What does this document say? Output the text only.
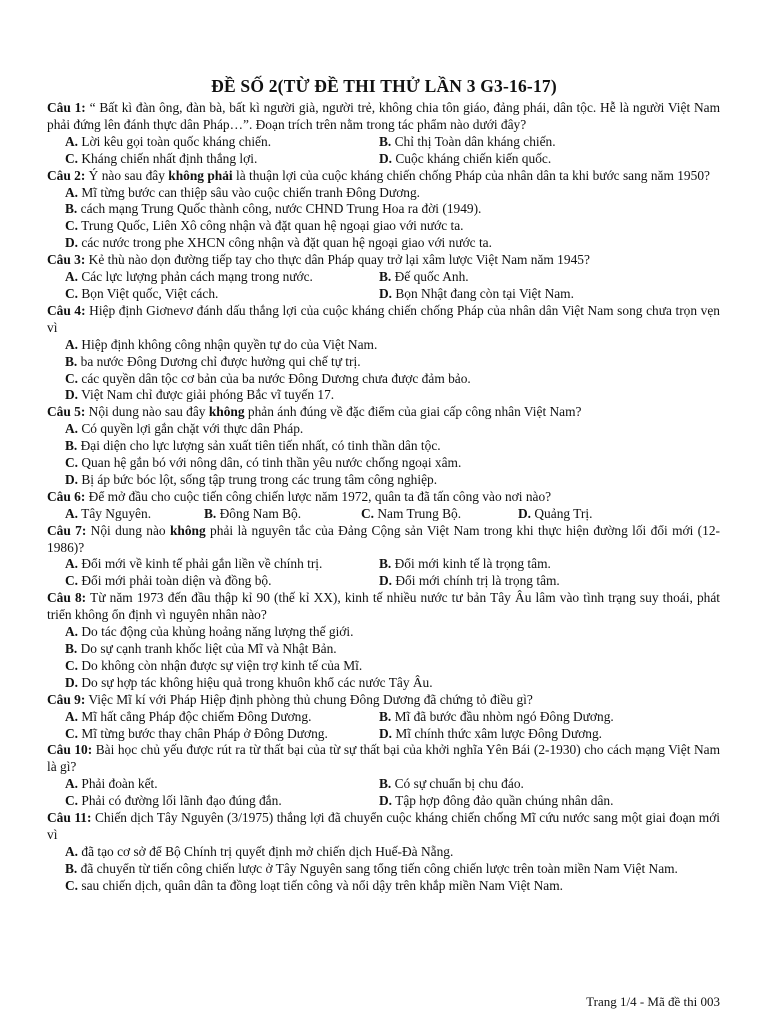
ĐỀ SỐ 2(TỪ ĐỀ THI THỬ LẦN 3 G3-16-17)
Câu 1: “ Bất kì đàn ông, đàn bà, bất kì người già, người trẻ, không chia tôn giáo, đảng phái, dân tộc. Hễ là người Việt Nam phải đứng lên đánh thực dân Pháp…”. Đoạn trích trên nằm trong tác phẩm nào dưới đây?
A. Lời kêu gọi toàn quốc kháng chiến.	B. Chỉ thị Toàn dân kháng chiến.
C. Kháng chiến nhất định thắng lợi.	D. Cuộc kháng chiến kiến quốc.
Câu 2: Ý nào sau đây không phải là thuận lợi của cuộc kháng chiến chống Pháp của nhân dân ta khi bước sang năm 1950?
A. Mĩ từng bước can thiệp sâu vào cuộc chiến tranh Đông Dương.
B. cách mạng Trung Quốc thành công, nước CHND Trung Hoa ra đời (1949).
C. Trung Quốc, Liên Xô công nhận và đặt quan hệ ngoại giao với nước ta.
D. các nước trong phe XHCN công nhận và đặt quan hệ ngoại giao với nước ta.
Câu 3: Kẻ thù nào dọn đường tiếp tay cho thực dân Pháp quay trở lại xâm lược Việt Nam năm 1945?
A. Các lực lượng phản cách mạng trong nước.	B. Đế quốc Anh.
C. Bọn Việt quốc, Việt cách.	D. Bọn Nhật đang còn tại Việt Nam.
Câu 4: Hiệp định Giơnevơ đánh dấu thắng lợi của cuộc kháng chiến chống Pháp của nhân dân Việt Nam song chưa trọn vẹn vì
A. Hiệp định không công nhận quyền tự do của Việt Nam.
B. ba nước Đông Dương chỉ được hưởng qui chế tự trị.
C. các quyền dân tộc cơ bản của ba nước Đông Dương chưa được đảm bảo.
D. Việt Nam chỉ được giải phóng Bắc vĩ tuyến 17.
Câu 5: Nội dung nào sau đây không phản ánh đúng về đặc điểm của giai cấp công nhân Việt Nam?
A. Có quyền lợi gắn chặt với thực dân Pháp.
B. Đại diện cho lực lượng sản xuất tiên tiến nhất, có tinh thần dân tộc.
C. Quan hệ gắn bó với nông dân, có tinh thần yêu nước chống ngoại xâm.
D. Bị áp bức bóc lột, sống tập trung trong các trung tâm công nghiệp.
Câu 6: Để mở đầu cho cuộc tiến công chiến lược năm 1972, quân ta đã tấn công vào nơi nào?
A. Tây Nguyên.	B. Đông Nam Bộ.	C. Nam Trung Bộ.	D. Quảng Trị.
Câu 7: Nội dung nào không phải là nguyên tắc của Đảng Cộng sản Việt Nam trong khi thực hiện đường lối đổi mới (12-1986)?
A. Đổi mới về kinh tế phải gắn liền về chính trị.	B. Đổi mới kinh tế là trọng tâm.
C. Đổi mới phải toàn diện và đồng bộ.	D. Đổi mới chính trị là trọng tâm.
Câu 8: Từ năm 1973 đến đầu thập kỉ 90 (thế kỉ XX), kinh tế nhiều nước tư bản Tây Âu lâm vào tình trạng suy thoái, phát triển không ổn định vì nguyên nhân nào?
A. Do tác động của khủng hoảng năng lượng thế giới.
B. Do sự cạnh tranh khốc liệt của Mĩ và Nhật Bản.
C. Do không còn nhận được sự viện trợ kinh tế của Mĩ.
D. Do sự hợp tác không hiệu quả trong khuôn khổ các nước Tây Âu.
Câu 9: Việc Mĩ kí với Pháp Hiệp định phòng thủ chung Đông Dương đã chứng tỏ điều gì?
A. Mĩ hất cẳng Pháp độc chiếm Đông Dương.	B. Mĩ đã bước đầu nhòm ngó Đông Dương.
C. Mĩ từng bước thay chân Pháp ở Đông Dương.	D. Mĩ chính thức xâm lược Đông Dương.
Câu 10: Bài học chủ yếu được rút ra từ thất bại của từ sự thất bại của khởi nghĩa Yên Bái (2-1930) cho cách mạng Việt Nam là gì?
A. Phải đoàn kết.	B. Có sự chuẩn bị chu đáo.
C. Phải có đường lối lãnh đạo đúng đắn.	D. Tập hợp đông đảo quần chúng nhân dân.
Câu 11: Chiến dịch Tây Nguyên (3/1975) thắng lợi đã chuyển cuộc kháng chiến chống Mĩ cứu nước sang một giai đoạn mới vì
A. đã tạo cơ sở để Bộ Chính trị quyết định mở chiến dịch Huế-Đà Nẵng.
B. đã chuyển từ tiến công chiến lược ở Tây Nguyên sang tổng tiến công chiến lược trên toàn miền Nam Việt Nam.
C. sau chiến dịch, quân dân ta đồng loạt tiến công và nổi dậy trên khắp miền Nam Việt Nam.
Trang 1/4 - Mã đề thi 003
